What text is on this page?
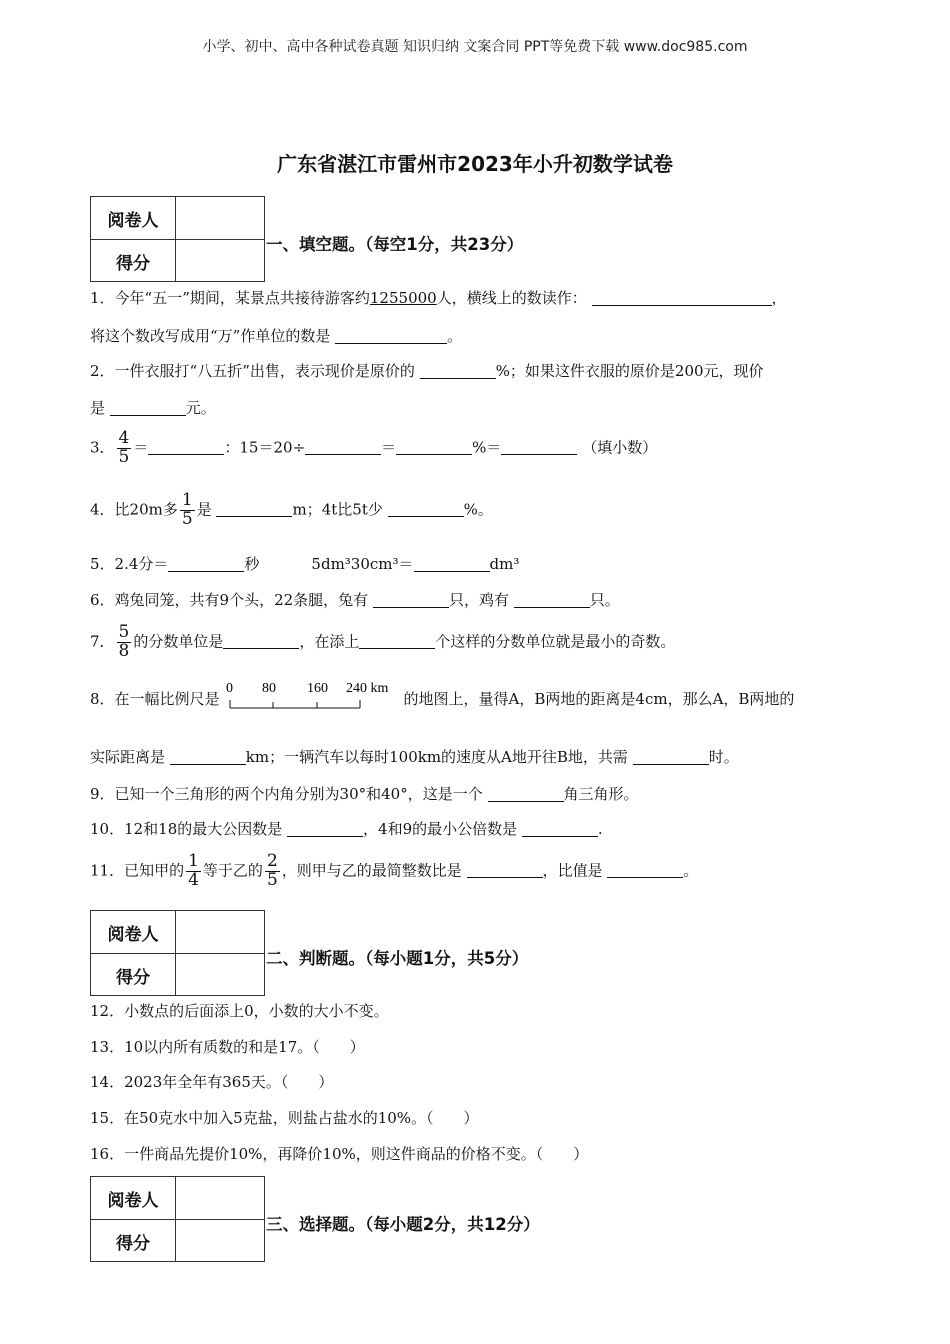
小学、初中、高中各种试卷真题 知识归纳 文案合同 PPT等免费下载 www.doc985.com
广东省湛江市雷州市2023年小升初数学试卷
阅卷人
得分
一、填空题。（每空1分，共23分）
1．今年“五一”期间，某景点共接待游客约1255000人，横线上的数读作：	，
将这个数改写成用“万”作单位的数是	。
2．一件衣服打“八五折”出售，表示现价是原价的	%；如果这件衣服的原价是200元，现价
是	元。
3． $\frac{4}{5}$ ＝	：15＝20÷	＝	%＝	（填小数）
4．比20m多 $\frac{1}{5}$ 是	m；4t比5t少	%。
5．2.4分＝	秒	5dm³30cm³＝	dm³
6．鸡兔同笼，共有9个头，22条腿，兔有	只，鸡有	只。
7． $\frac{5}{8}$ 的分数单位是	，在添上	个这样的分数单位就是最小的奇数。
8．在一幅比例尺是
0 80 160 240 km
的地图上，量得A，B两地的距离是4cm，那么A，B两地的
实际距离是	km；一辆汽车以每时100km的速度从A地开往B地，共需	时。
9．已知一个三角形的两个内角分别为30°和40°，这是一个	角三角形。
10．12和18的最大公因数是	，4和9的最小公倍数是	.
11．已知甲的 $\frac{1}{4}$ 等于乙的 $\frac{2}{5}$ ，则甲与乙的最简整数比是	，比值是	。
阅卷人
得分
二、判断题。（每小题1分，共5分）
12．小数点的后面添上0，小数的大小不变。
13．10以内所有质数的和是17。（　　）
14．2023年全年有365天。（　　）
15．在50克水中加入5克盐，则盐占盐水的10%。（　　）
16．一件商品先提价10%，再降价10%，则这件商品的价格不变。（　　）
阅卷人
得分
三、选择题。（每小题2分，共12分）
